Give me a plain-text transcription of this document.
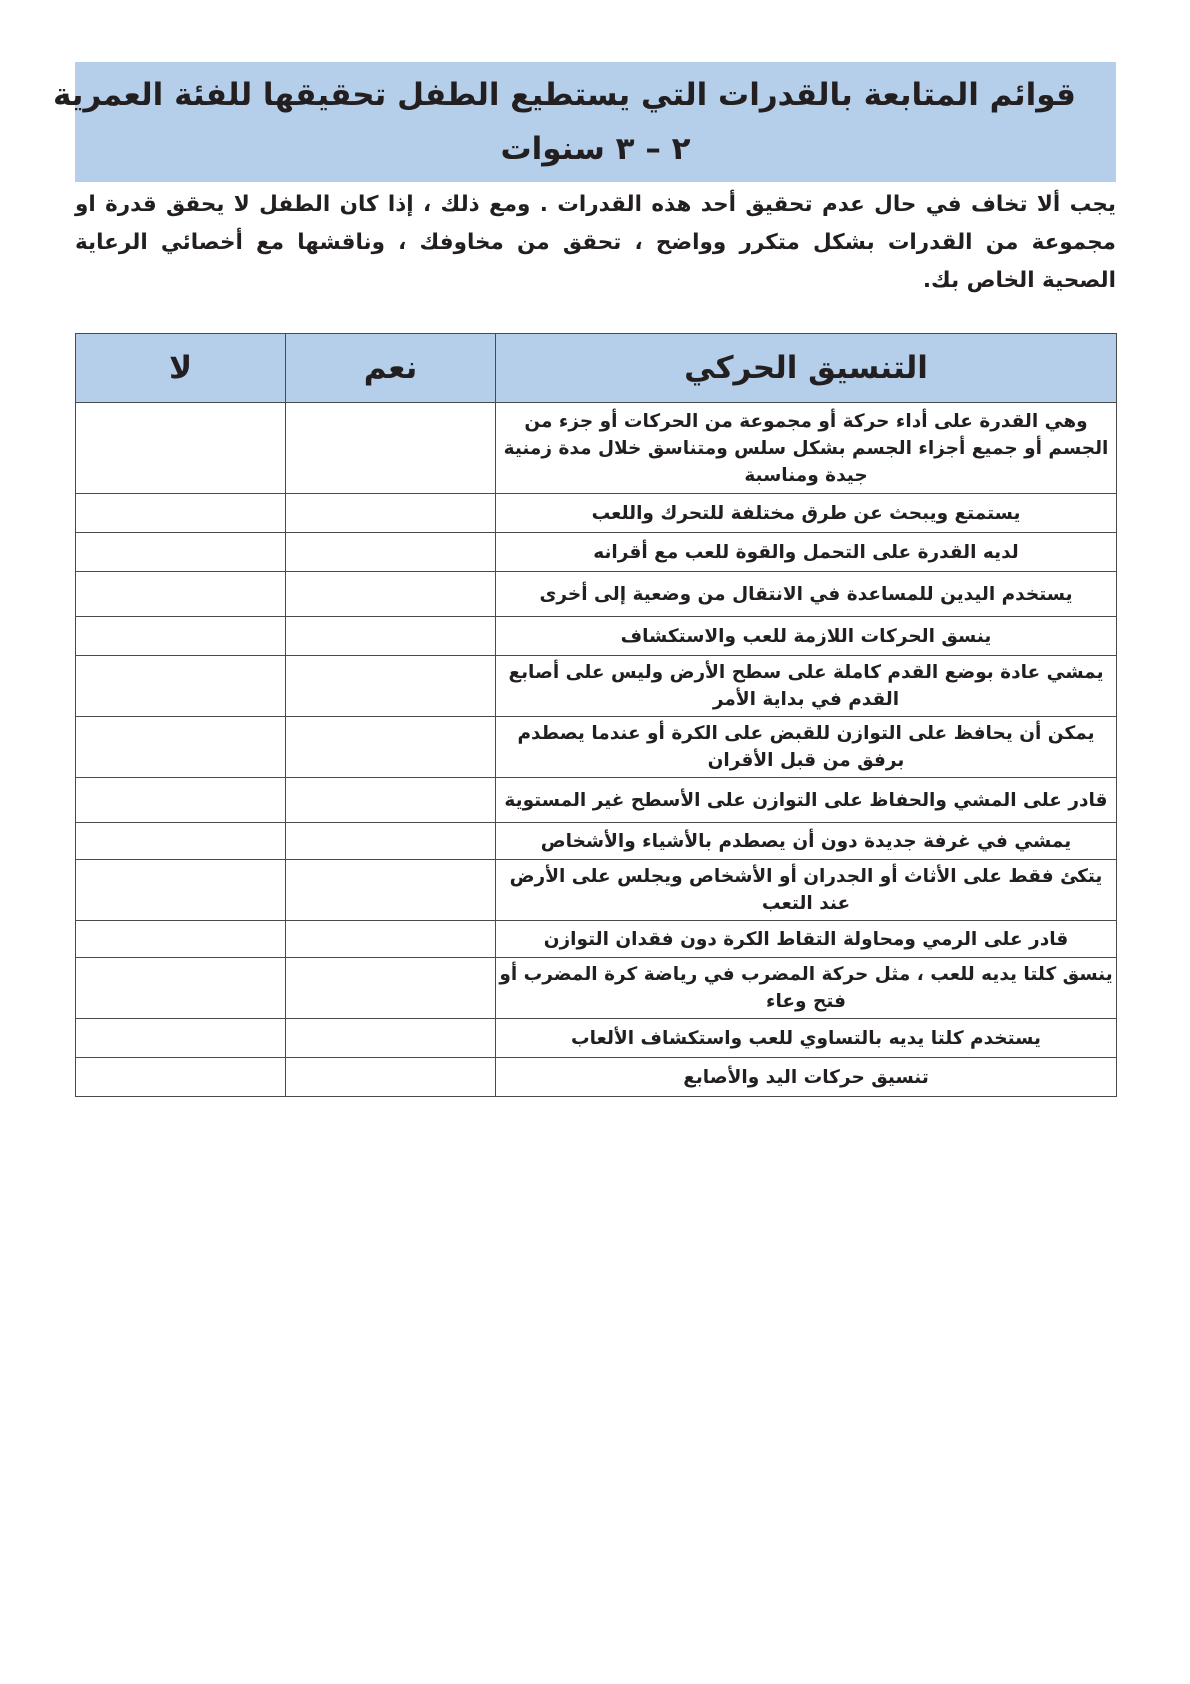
قوائم المتابعة بالقدرات التي يستطيع الطفل تحقيقها للفئة العمرية
٢ – ٣ سنوات
يجب ألا تخاف في حال عدم تحقيق أحد هذه القدرات . ومع ذلك ، إذا كان الطفل لا يحقق قدرة او
مجموعة من القدرات بشكل متكرر وواضح ، تحقق من مخاوفك ، وناقشها مع أخصائي الرعاية
الصحية الخاص بك.
التنسيق الحركي	نعم	لا
وهي القدرة على أداء حركة أو مجموعة من الحركات أو جزء من الجسم أو جميع أجزاء الجسم بشكل سلس ومتناسق خلال مدة زمنية جيدة ومناسبة		
يستمتع ويبحث عن طرق مختلفة للتحرك واللعب		
لديه القدرة على التحمل والقوة للعب مع أقرانه		
يستخدم اليدين للمساعدة في الانتقال من وضعية إلى أخرى		
ينسق الحركات اللازمة للعب والاستكشاف		
يمشي عادة بوضع القدم كاملة على سطح الأرض وليس على أصابع القدم في بداية الأمر		
يمكن أن يحافظ على التوازن للقبض على الكرة أو عندما يصطدم برفق من قبل الأقران		
قادر على المشي والحفاظ على التوازن على الأسطح غير المستوية		
يمشي في غرفة جديدة دون أن يصطدم بالأشياء والأشخاص		
يتكئ فقط على الأثاث أو الجدران أو الأشخاص ويجلس على الأرض عند التعب		
قادر على الرمي ومحاولة التقاط الكرة دون فقدان التوازن		
ينسق كلتا يديه للعب ، مثل حركة المضرب في رياضة كرة المضرب أو فتح وعاء		
يستخدم كلتا يديه بالتساوي للعب واستكشاف الألعاب		
تنسيق حركات اليد والأصابع		
